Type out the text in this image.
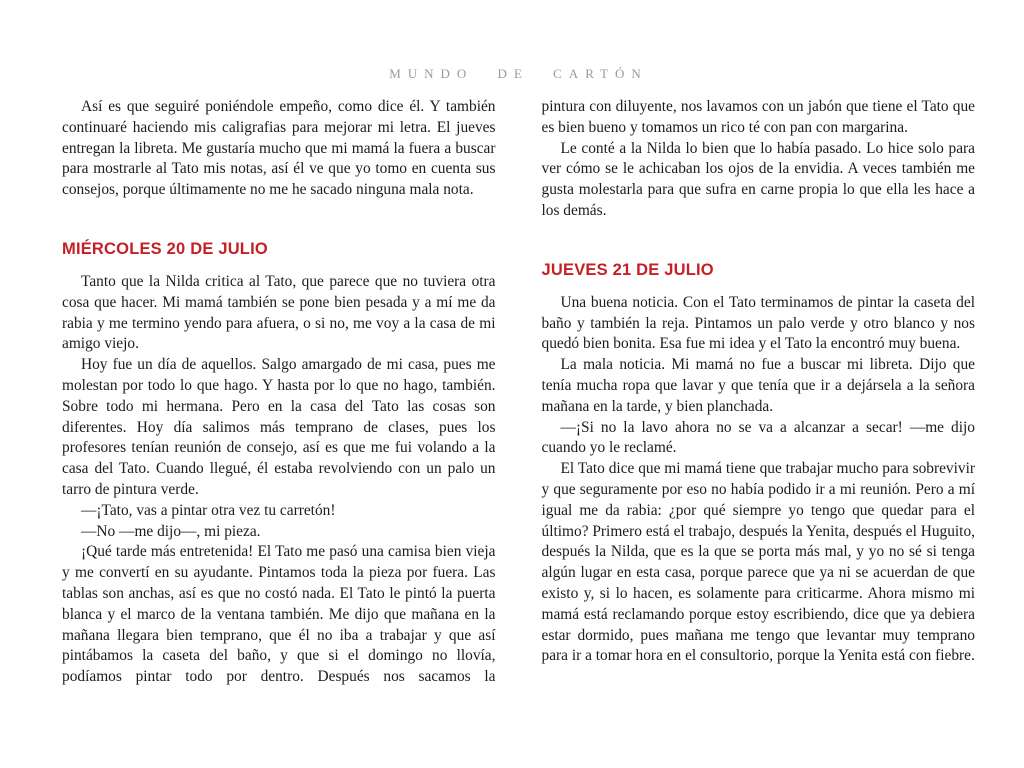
MUNDO DE CARTÓN

Así es que seguiré poniéndole empeño, como dice él. Y también continuaré haciendo mis caligrafias para mejorar mi letra. El jueves entregan la libreta. Me gustaría mucho que mi mamá la fuera a buscar para mostrarle al Tato mis notas, así él ve que yo tomo en cuenta sus consejos, porque últimamente no me he sacado ninguna mala nota.

MIÉRCOLES 20 DE JULIO

Tanto que la Nilda critica al Tato, que parece que no tuviera otra cosa que hacer. Mi mamá también se pone bien pesada y a mí me da rabia y me termino yendo para afuera, o si no, me voy a la casa de mi amigo viejo.

Hoy fue un día de aquellos. Salgo amargado de mi casa, pues me molestan por todo lo que hago. Y hasta por lo que no hago, también. Sobre todo mi hermana. Pero en la casa del Tato las cosas son diferentes. Hoy día salimos más temprano de clases, pues los profesores tenían reunión de consejo, así es que me fui volando a la casa del Tato. Cuando llegué, él estaba revolviendo con un palo un tarro de pintura verde.

—¡Tato, vas a pintar otra vez tu carretón!

—No —me dijo—, mi pieza.

¡Qué tarde más entretenida! El Tato me pasó una camisa bien vieja y me convertí en su ayudante. Pintamos toda la pieza por fuera. Las tablas son anchas, así es que no costó nada. El Tato le pintó la puerta blanca y el marco de la ventana también. Me dijo que mañana en la mañana llegara bien temprano, que él no iba a trabajar y que así pintábamos la caseta del baño, y que si el domingo no llovía, podíamos pintar todo por dentro. Después nos sacamos la

pintura con diluyente, nos lavamos con un jabón que tiene el Tato que es bien bueno y tomamos un rico té con pan con margarina.

Le conté a la Nilda lo bien que lo había pasado. Lo hice solo para ver cómo se le achicaban los ojos de la envidia. A veces también me gusta molestarla para que sufra en carne propia lo que ella les hace a los demás.

JUEVES 21 DE JULIO

Una buena noticia. Con el Tato terminamos de pintar la caseta del baño y también la reja. Pintamos un palo verde y otro blanco y nos quedó bien bonita. Esa fue mi idea y el Tato la encontró muy buena.

La mala noticia. Mi mamá no fue a buscar mi libreta. Dijo que tenía mucha ropa que lavar y que tenía que ir a dejársela a la señora mañana en la tarde, y bien planchada.

—¡Si no la lavo ahora no se va a alcanzar a secar! —me dijo cuando yo le reclamé.

El Tato dice que mi mamá tiene que trabajar mucho para sobrevivir y que seguramente por eso no había podido ir a mi reunión. Pero a mí igual me da rabia: ¿por qué siempre yo tengo que quedar para el último? Primero está el trabajo, después la Yenita, después el Huguito, después la Nilda, que es la que se porta más mal, y yo no sé si tenga algún lugar en esta casa, porque parece que ya ni se acuerdan de que existo y, si lo hacen, es solamente para criticarme. Ahora mismo mi mamá está reclamando porque estoy escribiendo, dice que ya debiera estar dormido, pues mañana me tengo que levantar muy temprano para ir a tomar hora en el consultorio, porque la Yenita está con fiebre.
